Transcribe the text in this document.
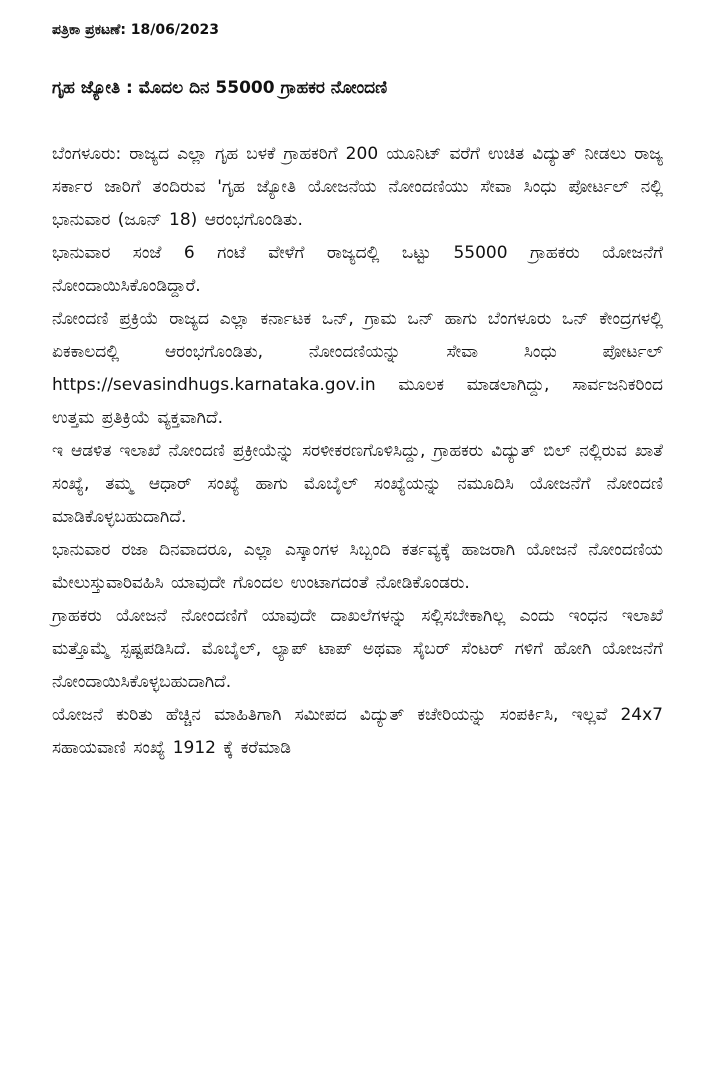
ಪತ್ರಿಕಾ ಪ್ರಕಟಣೆ: 18/06/2023

ಗೃಹ ಜ್ಯೋತಿ : ಮೊದಲ ದಿನ 55000 ಗ್ರಾಹಕರ ನೋಂದಣಿ

ಬೆಂಗಳೂರು: ರಾಜ್ಯದ ಎಲ್ಲಾ ಗೃಹ ಬಳಕೆ ಗ್ರಾಹಕರಿಗೆ 200 ಯೂನಿಟ್ ವರೆಗೆ ಉಚಿತ ವಿದ್ಯುತ್ ನೀಡಲು ರಾಜ್ಯ ಸರ್ಕಾರ ಜಾರಿಗೆ ತಂದಿರುವ 'ಗೃಹ ಜ್ಯೋತಿ ಯೋಜನೆಯ ನೋಂದಣಿಯು ಸೇವಾ ಸಿಂಧು ಪೋರ್ಟಲ್ ನಲ್ಲಿ ಭಾನುವಾರ (ಜೂನ್ 18) ಆರಂಭಗೊಂಡಿತು.

ಭಾನುವಾರ ಸಂಜೆ 6 ಗಂಟೆ ವೇಳೆಗೆ ರಾಜ್ಯದಲ್ಲಿ ಒಟ್ಟು 55000 ಗ್ರಾಹಕರು ಯೋಜನೆಗೆ ನೋಂದಾಯಿಸಿಕೊಂಡಿದ್ದಾರೆ.

ನೋಂದಣಿ ಪ್ರಕ್ರಿಯೆ ರಾಜ್ಯದ ಎಲ್ಲಾ ಕರ್ನಾಟಕ ಒನ್, ಗ್ರಾಮ ಒನ್ ಹಾಗು ಬೆಂಗಳೂರು ಒನ್ ಕೇಂದ್ರಗಳಲ್ಲಿ ಏಕಕಾಲದಲ್ಲಿ ಆರಂಭಗೊಂಡಿತು, ನೋಂದಣಿಯನ್ನು ಸೇವಾ ಸಿಂಧು ಪೋರ್ಟಲ್ https://sevasindhugs.karnataka.gov.in ಮೂಲಕ ಮಾಡಲಾಗಿದ್ದು, ಸಾರ್ವಜನಿಕರಿಂದ ಉತ್ತಮ ಪ್ರತಿಕ್ರಿಯೆ ವ್ಯಕ್ತವಾಗಿದೆ.

ಇ ಆಡಳಿತ ಇಲಾಖೆ ನೋಂದಣಿ ಪ್ರಕ್ರೀಯೆನ್ನು ಸರಳೀಕರಣಗೊಳಿಸಿದ್ದು, ಗ್ರಾಹಕರು ವಿದ್ಯುತ್ ಬಿಲ್ ನಲ್ಲಿರುವ ಖಾತೆ ಸಂಖ್ಯೆ, ತಮ್ಮ ಆಧಾರ್ ಸಂಖ್ಯೆ ಹಾಗು ಮೊಬೈಲ್ ಸಂಖ್ಯೆಯನ್ನು ನಮೂದಿಸಿ ಯೋಜನೆಗೆ ನೋಂದಣಿ ಮಾಡಿಕೊಳ್ಳಬಹುದಾಗಿದೆ.

ಭಾನುವಾರ ರಜಾ ದಿನವಾದರೂ, ಎಲ್ಲಾ ಎಸ್ಕಾಂಗಳ ಸಿಬ್ಬಂದಿ ಕರ್ತವ್ಯಕ್ಕೆ ಹಾಜರಾಗಿ ಯೋಜನೆ ನೋಂದಣಿಯ ಮೇಲುಸ್ತುವಾರಿವಹಿಸಿ ಯಾವುದೇ ಗೊಂದಲ ಉಂಟಾಗದಂತೆ ನೋಡಿಕೊಂಡರು.

ಗ್ರಾಹಕರು ಯೋಜನೆ ನೋಂದಣಿಗೆ ಯಾವುದೇ ದಾಖಲೆಗಳನ್ನು ಸಲ್ಲಿಸಬೇಕಾಗಿಲ್ಲ ಎಂದು ಇಂಧನ ಇಲಾಖೆ ಮತ್ತೊಮ್ಮೆ ಸ್ಪಷ್ಟಪಡಿಸಿದೆ. ಮೊಬೈಲ್, ಲ್ಯಾಪ್ ಟಾಪ್ ಅಥವಾ ಸೈಬರ್ ಸೆಂಟರ್ ಗಳಿಗೆ ಹೋಗಿ ಯೋಜನೆಗೆ ನೋಂದಾಯಿಸಿಕೊಳ್ಳಬಹುದಾಗಿದೆ.

ಯೋಜನೆ ಕುರಿತು ಹೆಚ್ಚಿನ ಮಾಹಿತಿಗಾಗಿ ಸಮೀಪದ ವಿದ್ಯುತ್ ಕಚೇರಿಯನ್ನು ಸಂಪರ್ಕಿಸಿ, ಇಲ್ಲವೆ 24x7 ಸಹಾಯವಾಣಿ ಸಂಖ್ಯೆ 1912 ಕ್ಕೆ ಕರೆಮಾಡಿ
